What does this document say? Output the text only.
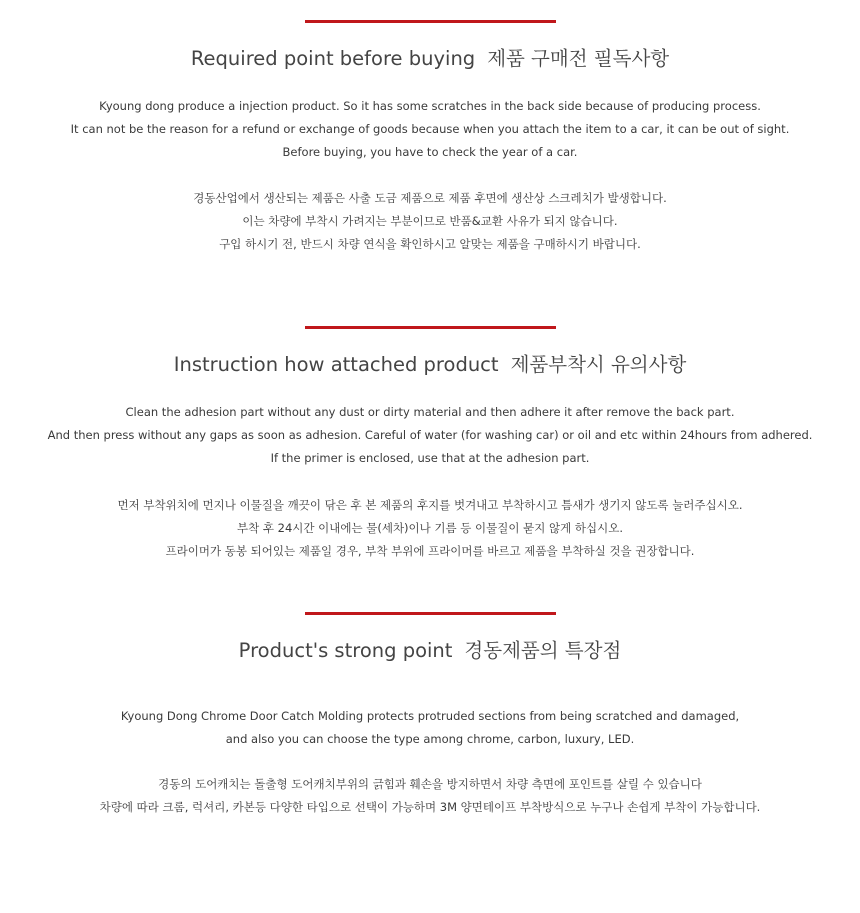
Required point before buying 제품 구매전 필독사항
Kyoung dong produce a injection product. So it has some scratches in the back side because of producing process.
It can not be the reason for a refund or exchange of goods because when you attach the item to a car, it can be out of sight.
Before buying, you have to check the year of a car.
경동산업에서 생산되는 제품은 사출 도금 제품으로 제품 후면에 생산상 스크레치가 발생합니다.
이는 차량에 부착시 가려지는 부분이므로 반품&교환 사유가 되지 않습니다.
구입 하시기 전, 반드시 차량 연식을 확인하시고 알맞는 제품을 구매하시기 바랍니다.
Instruction how attached product 제품부착시 유의사항
Clean the adhesion part without any dust or dirty material and then adhere it after remove the back part.
And then press without any gaps as soon as adhesion. Careful of water (for washing car) or oil and etc within 24hours from adhered.
If the primer is enclosed, use that at the adhesion part.
먼저 부착위치에 먼지나 이물질을 깨끗이 닦은 후 본 제품의 후지를 벗겨내고 부착하시고 틈새가 생기지 않도록 눌러주십시오.
부착 후 24시간 이내에는 물(세차)이나 기름 등 이물질이 묻지 않게 하십시오.
프라이머가 동봉 되어있는 제품일 경우, 부착 부위에 프라이머를 바르고 제품을 부착하실 것을 권장합니다.
Product's strong point 경동제품의 특장점
Kyoung Dong Chrome Door Catch Molding protects protruded sections from being scratched and damaged,
and also you can choose the type among chrome, carbon, luxury, LED.
경동의 도어캐치는 돌출형 도어캐치부위의 긁힘과 훼손을 방지하면서 차량 측면에 포인트를 살릴 수 있습니다
차량에 따라 크롬, 럭셔리, 카본등 다양한 타입으로 선택이 가능하며 3M 양면테이프 부착방식으로 누구나 손쉽게 부착이 가능합니다.
